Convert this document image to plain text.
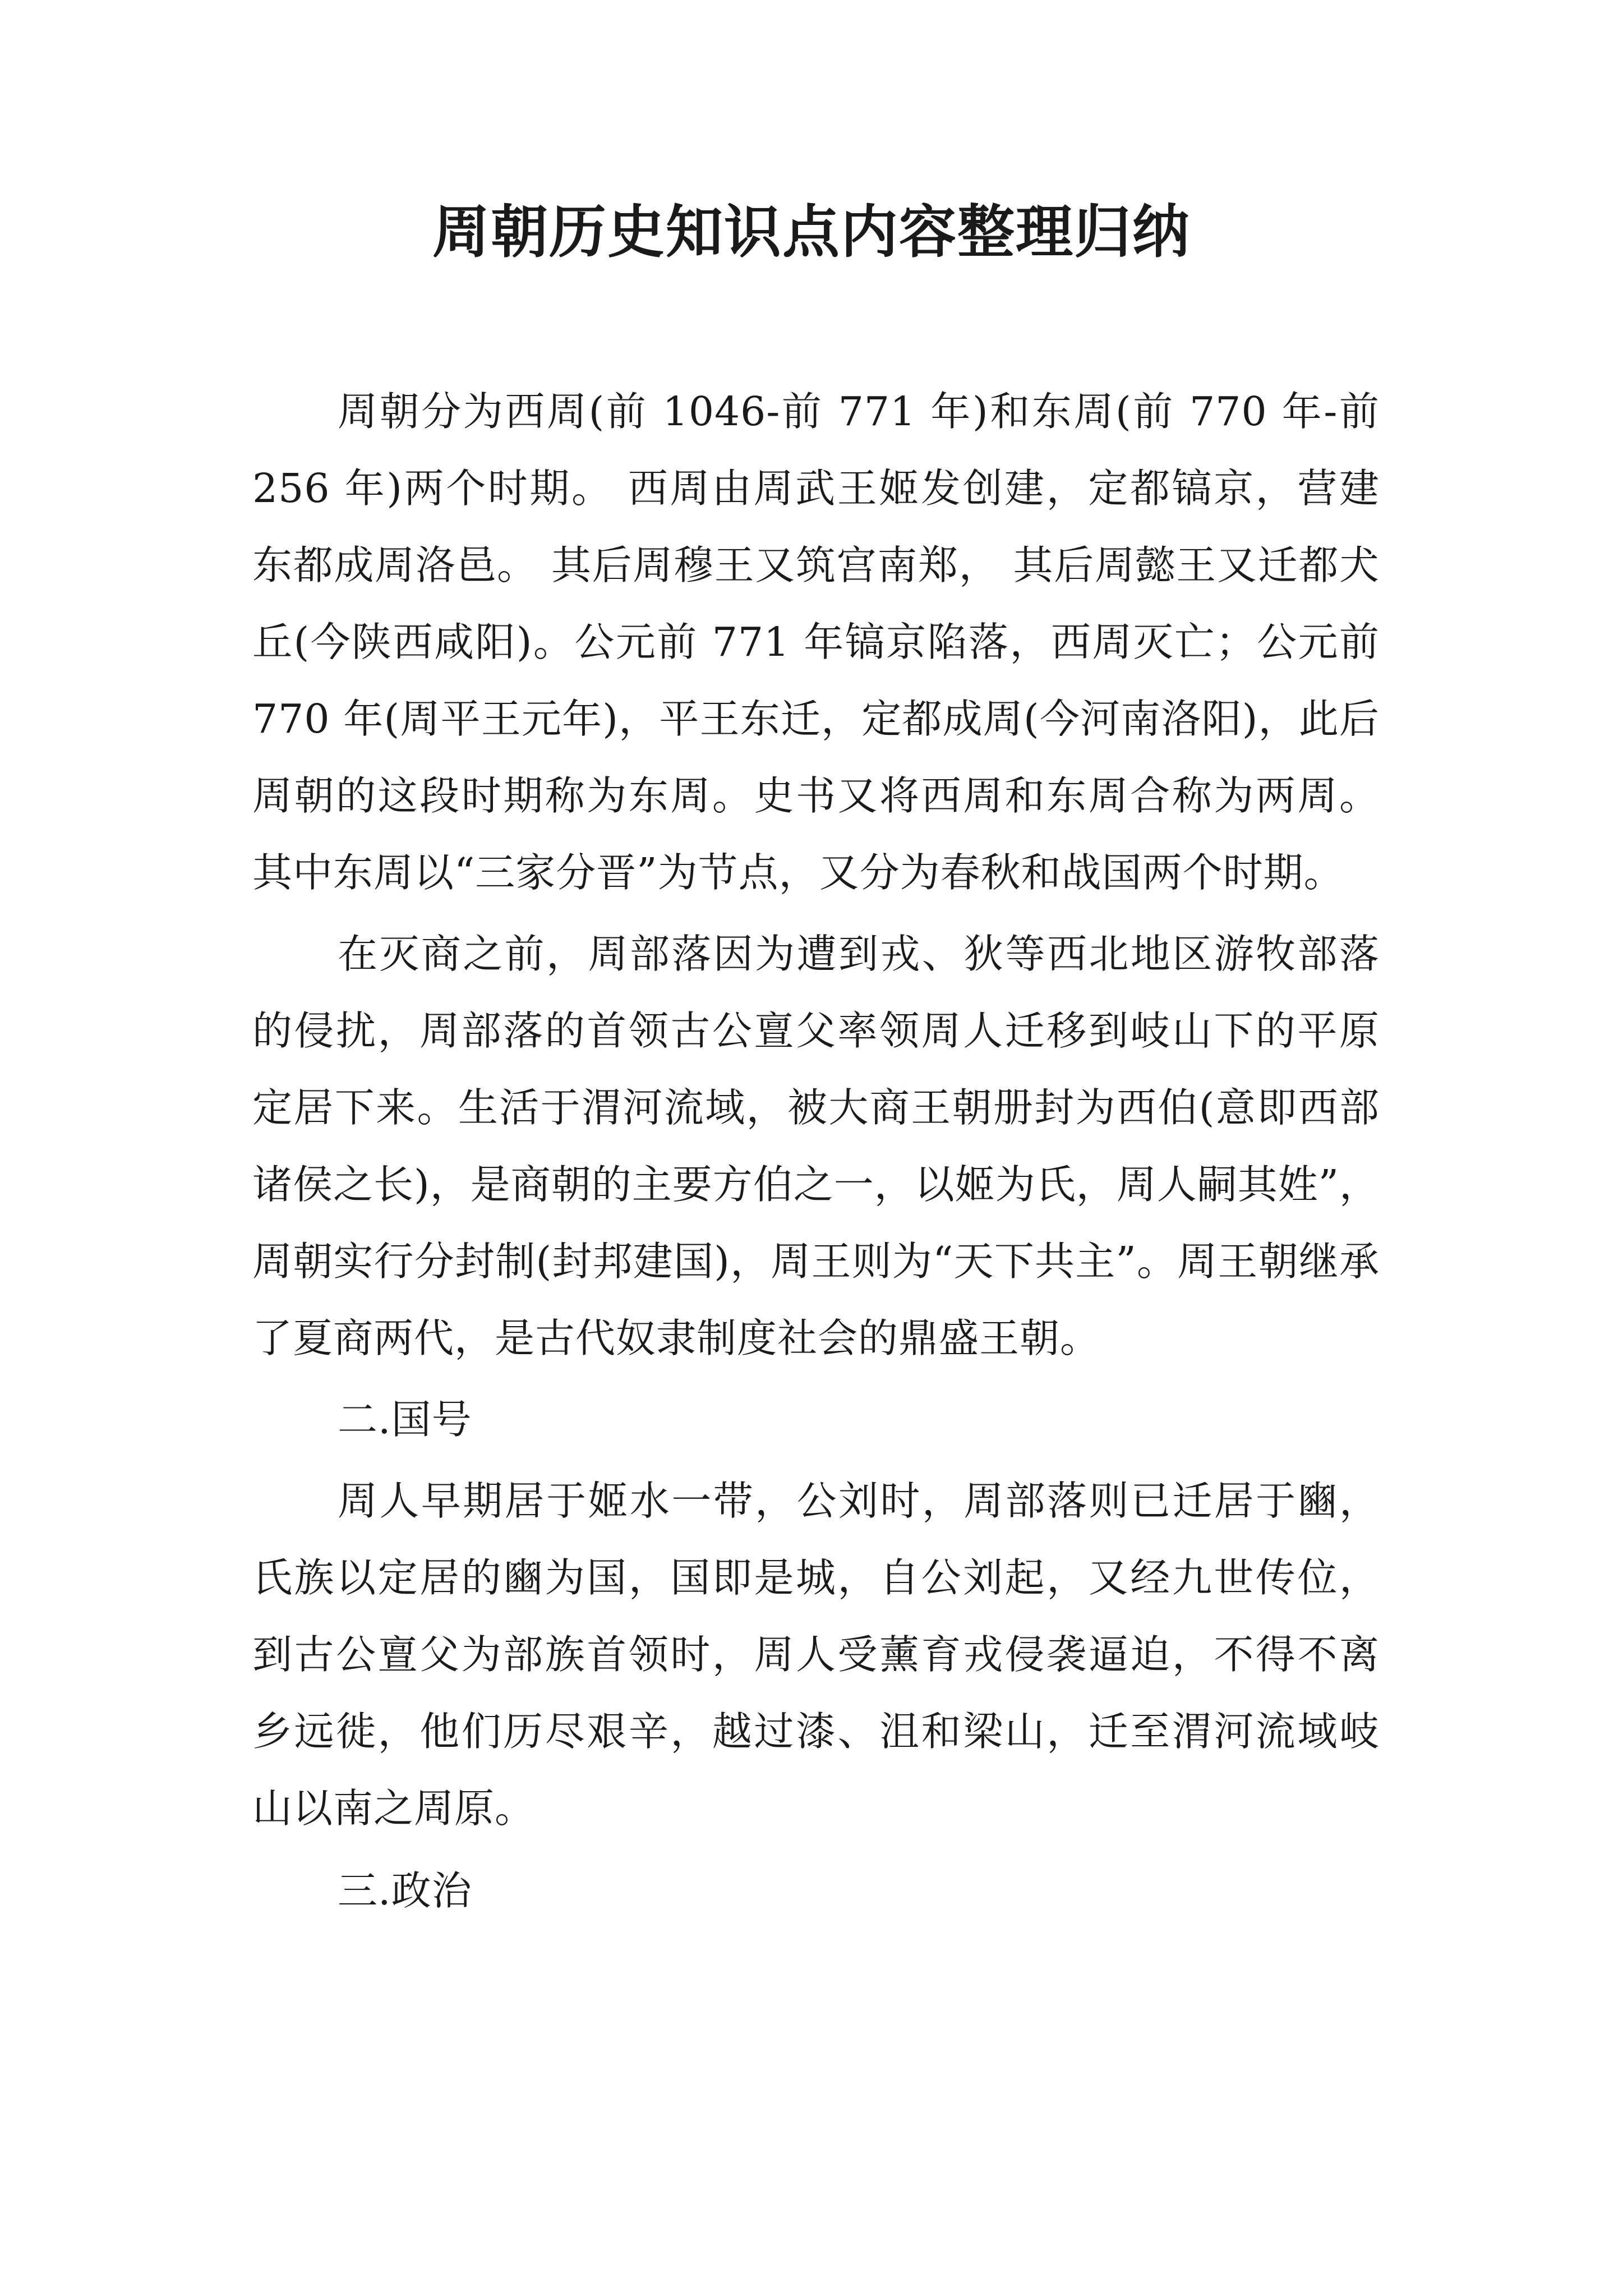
周朝历史知识点内容整理归纳

周朝分为西周(前 1046-前 771 年)和东周(前 770 年-前 256 年)两个时期。 西周由周武王姬发创建，定都镐京，营建东都成周洛邑。 其后周穆王又筑宫南郑， 其后周懿王又迁都犬丘(今陕西咸阳)。公元前 771 年镐京陷落，西周灭亡；公元前 770 年(周平王元年)，平王东迁，定都成周(今河南洛阳)，此后周朝的这段时期称为东周。史书又将西周和东周合称为两周。其中东周以“三家分晋”为节点，又分为春秋和战国两个时期。

在灭商之前，周部落因为遭到戎、狄等西北地区游牧部落的侵扰，周部落的首领古公亶父率领周人迁移到岐山下的平原定居下来。生活于渭河流域，被大商王朝册封为西伯(意即西部诸侯之长)，是商朝的主要方伯之一，以姬为氏，周人嗣其姓”，周朝实行分封制(封邦建国)，周王则为“天下共主”。周王朝继承了夏商两代，是古代奴隶制度社会的鼎盛王朝。

二.国号

周人早期居于姬水一带，公刘时，周部落则已迁居于豳，氏族以定居的豳为国，国即是城，自公刘起，又经九世传位，到古公亶父为部族首领时，周人受薰育戎侵袭逼迫，不得不离乡远徙，他们历尽艰辛，越过漆、沮和梁山，迁至渭河流域岐山以南之周原。

三.政治
